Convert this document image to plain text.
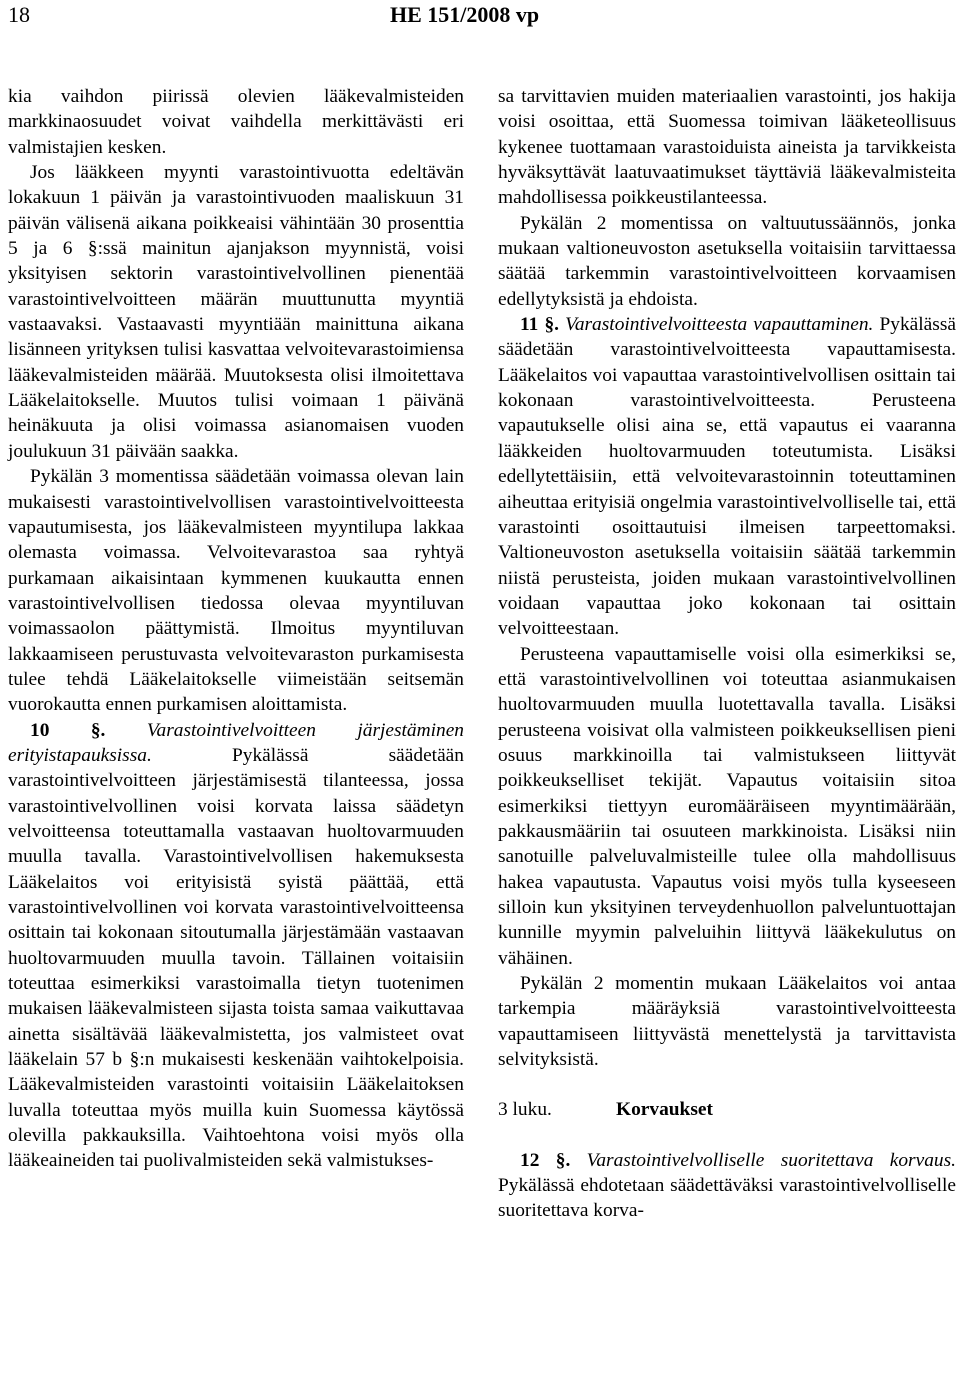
18	HE 151/2008 vp

kia vaihdon piirissä olevien lääkevalmisteiden markkinaosuudet voivat vaihdella merkittävästi eri valmistajien kesken.

Jos lääkkeen myynti varastointivuotta edeltävän lokakuun 1 päivän ja varastointivuoden maaliskuun 31 päivän välisenä aikana poikkeaisi vähintään 30 prosenttia 5 ja 6 §:ssä mainitun ajanjakson myynnistä, voisi yksityisen sektorin varastointivelvollinen pienentää varastointivelvoitteen määrän muuttunutta myyntiä vastaavaksi. Vastaavasti myyntiään mainittuna aikana lisänneen yrityksen tulisi kasvattaa velvoitevarastoimiensa lääkevalmisteiden määrää. Muutoksesta olisi ilmoitettava Lääkelaitokselle. Muutos tulisi voimaan 1 päivänä heinäkuuta ja olisi voimassa asianomaisen vuoden joulukuun 31 päivään saakka.

Pykälän 3 momentissa säädetään voimassa olevan lain mukaisesti varastointivelvollisen varastointivelvoitteesta vapautumisesta, jos lääkevalmisteen myyntilupa lakkaa olemasta voimassa. Velvoitevarastoa saa ryhtyä purkamaan aikaisintaan kymmenen kuukautta ennen varastointivelvollisen tiedossa olevaa myyntiluvan voimassaolon päättymistä. Ilmoitus myyntiluvan lakkaamiseen perustuvasta velvoitevaraston purkamisesta tulee tehdä Lääkelaitokselle viimeistään seitsemän vuorokautta ennen purkamisen aloittamista.

10 §. Varastointivelvoitteen järjestäminen erityistapauksissa.	Pykälässä säädetään varastointivelvoitteen järjestämisestä tilanteessa, jossa varastointivelvollinen voisi korvata laissa säädetyn velvoitteensa toteuttamalla vastaavan huoltovarmuuden muulla tavalla. Varastointivelvollisen hakemuksesta Lääkelaitos voi erityisistä syistä päättää, että varastointivelvollinen voi korvata varastointivelvoitteensa osittain tai kokonaan sitoutumalla järjestämään vastaavan huoltovarmuuden muulla tavoin. Tällainen voitaisiin toteuttaa esimerkiksi varastoimalla tietyn tuotenimen mukaisen lääkevalmisteen sijasta toista samaa vaikuttavaa ainetta sisältävää lääkevalmistetta, jos valmisteet ovat lääkelain 57 b §:n mukaisesti keskenään vaihtokelpoisia. Lääkevalmisteiden varastointi voitaisiin Lääkelaitoksen luvalla toteuttaa myös muilla kuin Suomessa käytössä olevilla pakkauksilla. Vaihtoehtona voisi myös olla lääkeaineiden tai puolivalmisteiden sekä valmistukses-

sa tarvittavien muiden materiaalien varastointi, jos hakija voisi osoittaa, että Suomessa toimivan lääketeollisuus kykenee tuottamaan varastoiduista aineista ja tarvikkeista hyväksyttävät laatuvaatimukset täyttäviä lääkevalmisteita mahdollisessa poikkeustilanteessa.

Pykälän 2 momentissa on valtuutussäännös, jonka mukaan valtioneuvoston asetuksella voitaisiin tarvittaessa säätää tarkemmin varastointivelvoitteen korvaamisen edellytyksistä ja ehdoista.

11 §. Varastointivelvoitteesta vapauttaminen. Pykälässä säädetään varastointivelvoitteesta vapauttamisesta. Lääkelaitos voi vapauttaa varastointivelvollisen osittain tai kokonaan varastointivelvoitteesta. Perusteena vapautukselle olisi aina se, että vapautus ei vaaranna lääkkeiden huoltovarmuuden toteutumista. Lisäksi edellytettäisiin, että velvoitevarastoinnin toteuttaminen aiheuttaa erityisiä ongelmia varastointivelvolliselle tai, että varastointi osoittautuisi ilmeisen tarpeettomaksi. Valtioneuvoston asetuksella voitaisiin säätää tarkemmin niistä perusteista, joiden mukaan varastointivelvollinen voidaan vapauttaa joko kokonaan tai osittain velvoitteestaan.

Perusteena vapauttamiselle voisi olla esimerkiksi se, että varastointivelvollinen voi toteuttaa asianmukaisen huoltovarmuuden muulla luotettavalla tavalla. Lisäksi perusteena voisivat olla valmisteen poikkeuksellisen pieni osuus markkinoilla tai valmistukseen liittyvät poikkeukselliset tekijät. Vapautus voitaisiin sitoa esimerkiksi tiettyyn euromääräiseen myyntimäärään, pakkausmääriin tai osuuteen markkinoista. Lisäksi niin sanotuille palveluvalmisteille tulee olla mahdollisuus hakea vapautusta. Vapautus voisi myös tulla kyseeseen silloin kun yksityinen terveydenhuollon palveluntuottajan kunnille myymin palveluihin liittyvä lääkekulutus on vähäinen.

Pykälän 2 momentin mukaan Lääkelaitos voi antaa tarkempia määräyksiä varastointivelvoitteesta vapauttamiseen liittyvästä menettelystä ja tarvittavista selvityksistä.

3 luku.	Korvaukset

12 §. Varastointivelvolliselle suoritettava korvaus. Pykälässä ehdotetaan säädettäväksi varastointivelvolliselle suoritettava korva-
